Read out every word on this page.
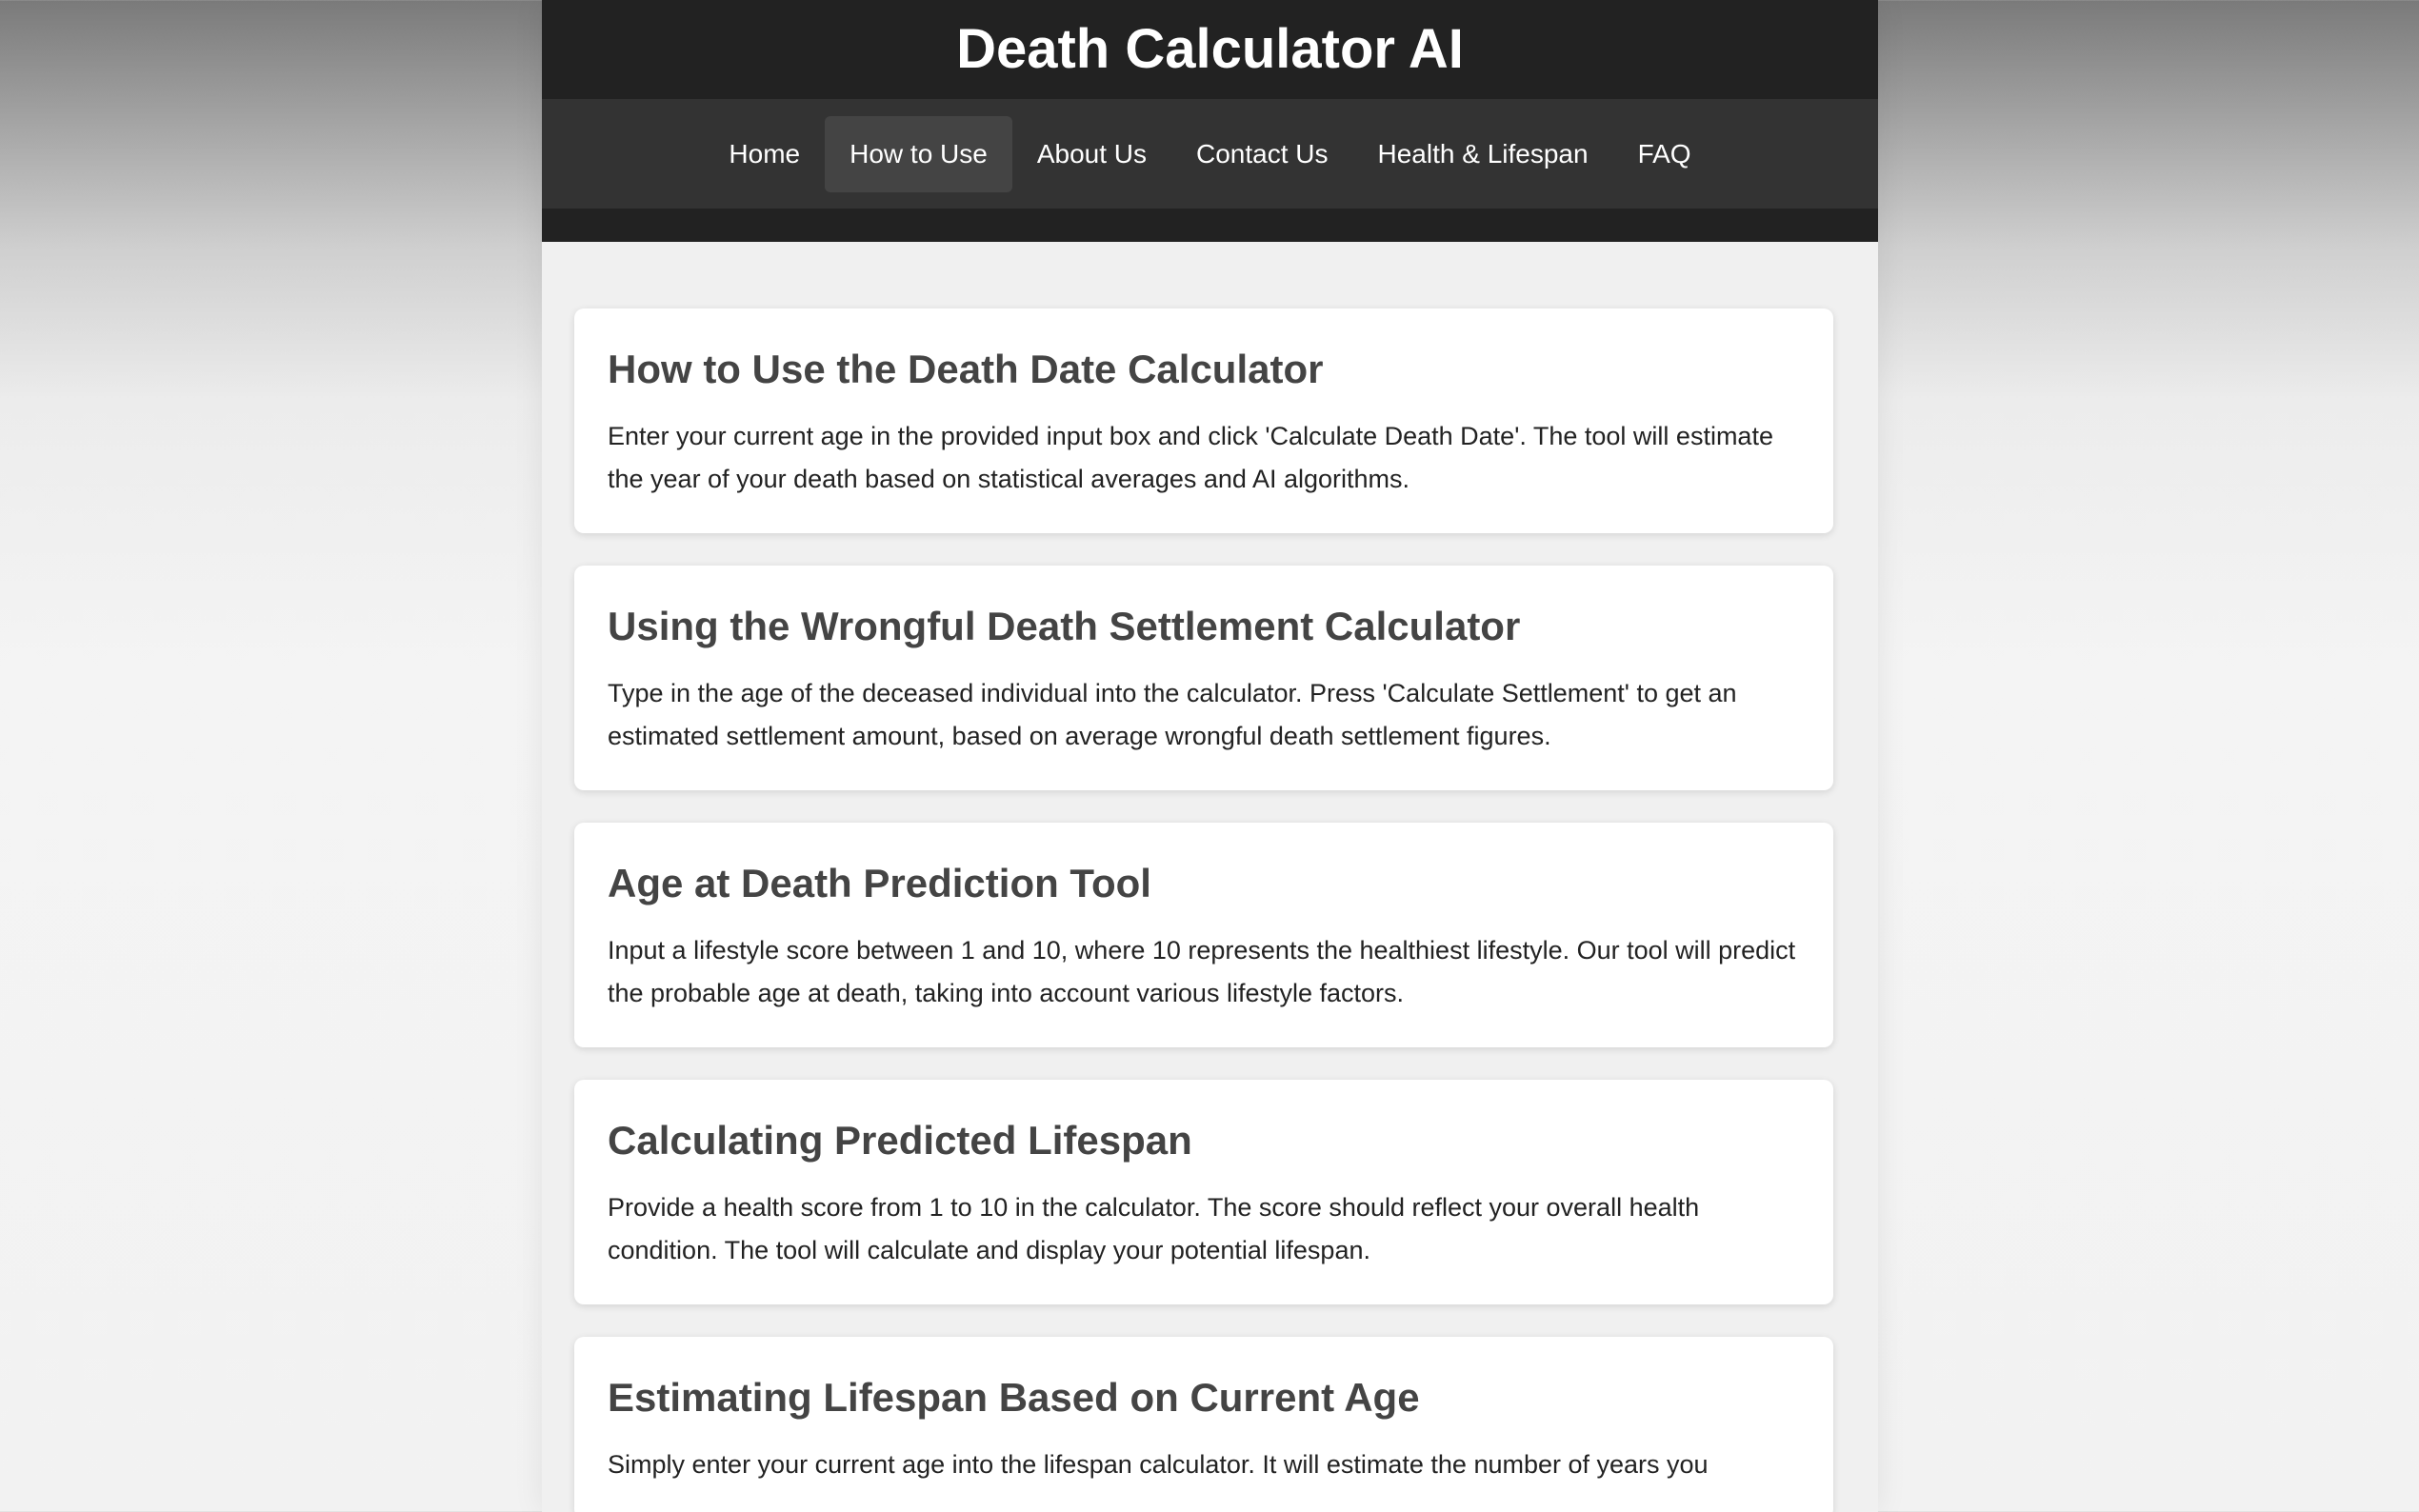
Death Calculator AI
Home	How to Use	About Us	Contact Us	Health & Lifespan	FAQ
How to Use the Death Date Calculator

Enter your current age in the provided input box and click 'Calculate Death Date'. The tool will estimate the year of your death based on statistical averages and AI algorithms.

Using the Wrongful Death Settlement Calculator

Type in the age of the deceased individual into the calculator. Press 'Calculate Settlement' to get an estimated settlement amount, based on average wrongful death settlement figures.

Age at Death Prediction Tool

Input a lifestyle score between 1 and 10, where 10 represents the healthiest lifestyle. Our tool will predict the probable age at death, taking into account various lifestyle factors.

Calculating Predicted Lifespan

Provide a health score from 1 to 10 in the calculator. The score should reflect your overall health condition. The tool will calculate and display your potential lifespan.

Estimating Lifespan Based on Current Age

Simply enter your current age into the lifespan calculator. It will estimate the number of years you
